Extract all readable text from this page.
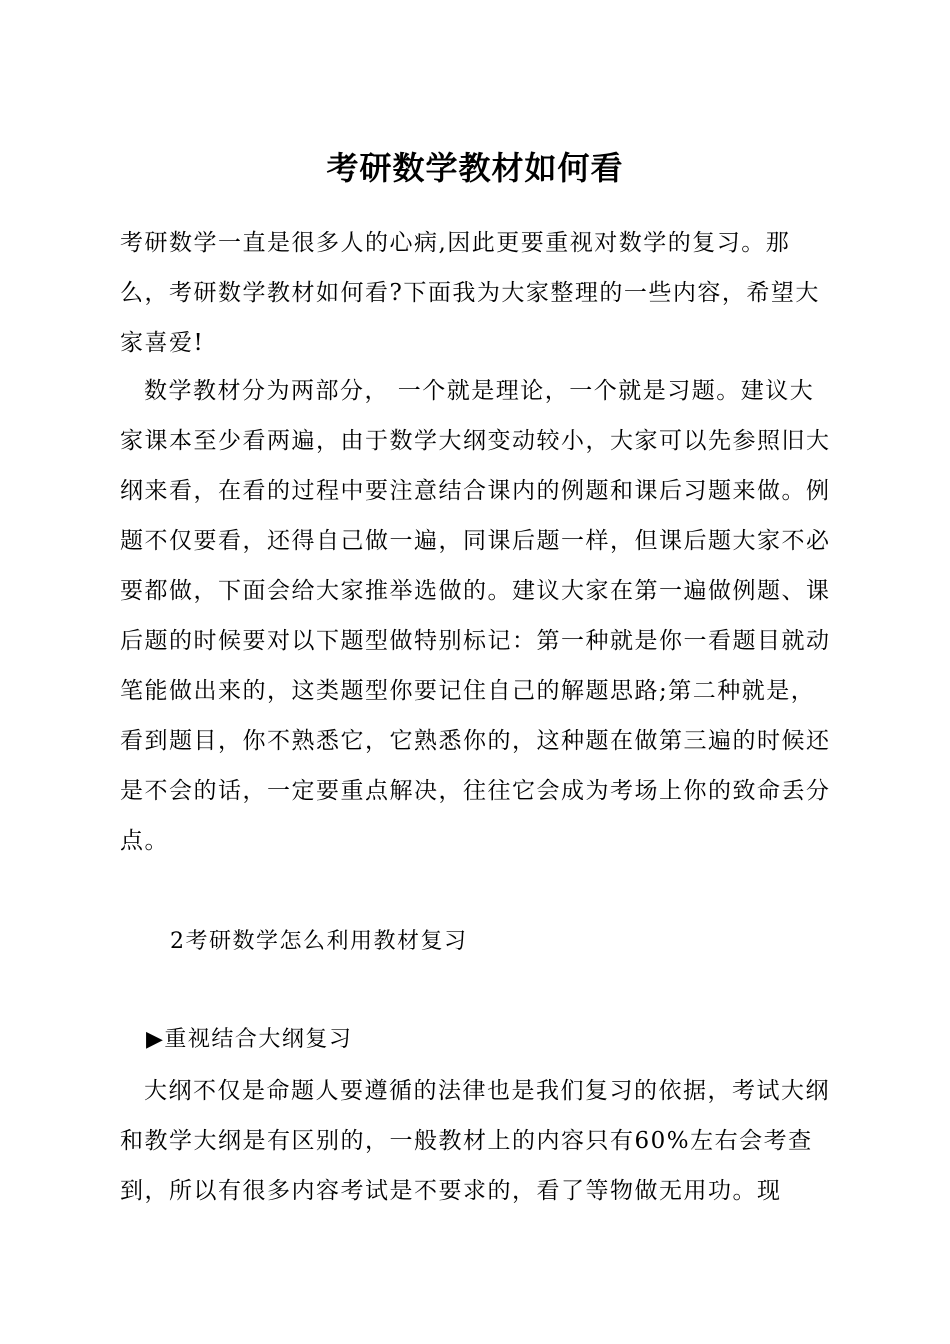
考研数学教材如何看
考研数学一直是很多人的心病,因此更要重视对数学的复习。那么，考研数学教材如何看?下面我为大家整理的一些内容，希望大家喜爱!
数学教材分为两部分， 一个就是理论，一个就是习题。建议大家课本至少看两遍，由于数学大纲变动较小，大家可以先参照旧大纲来看，在看的过程中要注意结合课内的例题和课后习题来做。例题不仅要看，还得自己做一遍，同课后题一样，但课后题大家不必要都做，下面会给大家推举选做的。建议大家在第一遍做例题、课后题的时候要对以下题型做特别标记：第一种就是你一看题目就动笔能做出来的，这类题型你要记住自己的解题思路;第二种就是，看到题目，你不熟悉它，它熟悉你的，这种题在做第三遍的时候还是不会的话，一定要重点解决，往往它会成为考场上你的致命丢分点。
2考研数学怎么利用教材复习
▶重视结合大纲复习
大纲不仅是命题人要遵循的法律也是我们复习的依据，考试大纲和教学大纲是有区别的，一般教材上的内容只有60%左右会考查到，所以有很多内容考试是不要求的，看了等物做无用功。现
